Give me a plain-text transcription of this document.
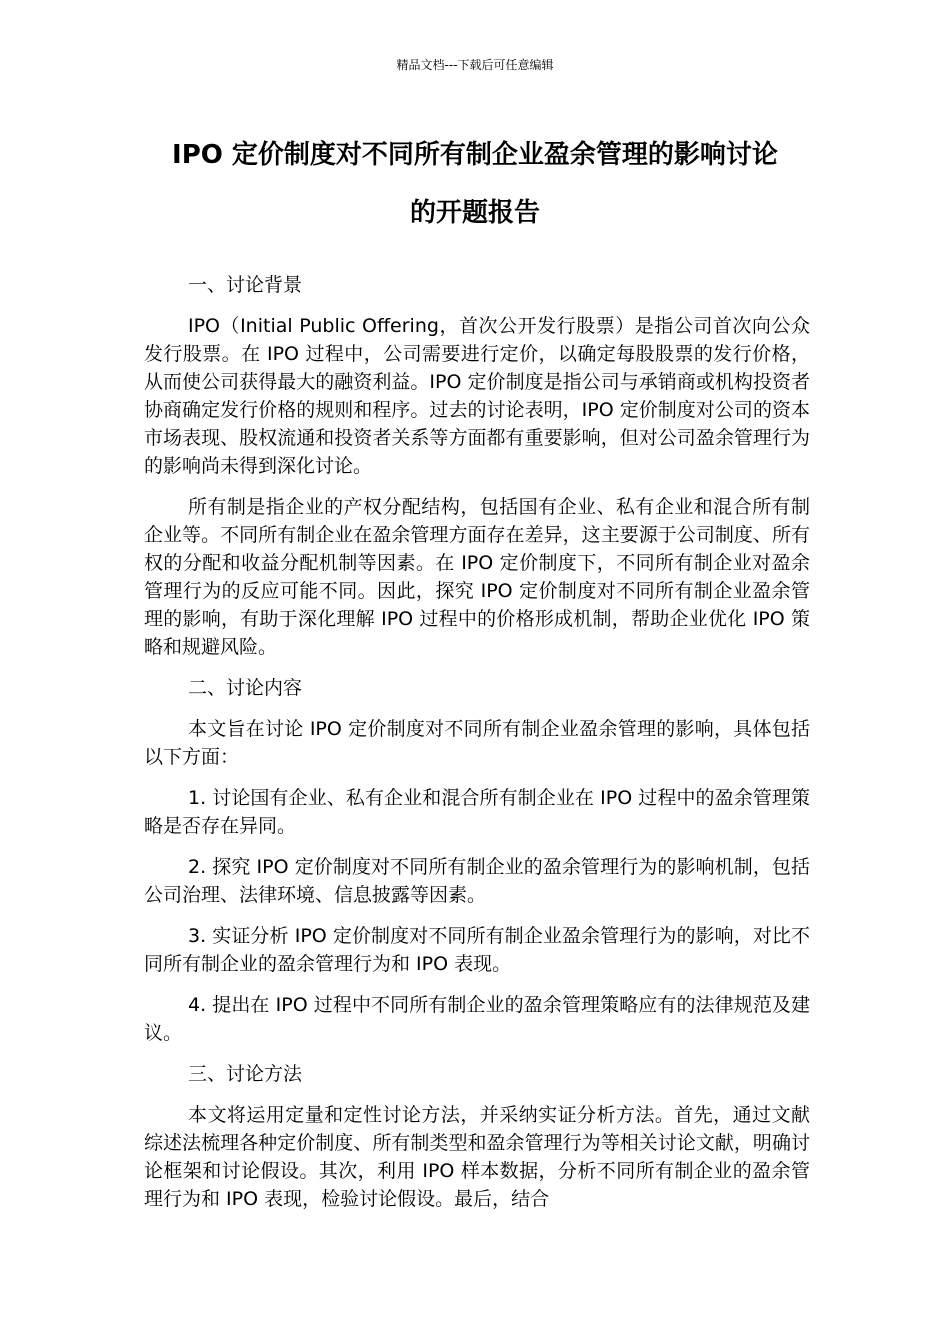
精品文档---下载后可任意编辑
IPO 定价制度对不同所有制企业盈余管理的影响讨论
的开题报告
一、讨论背景

IPO（Initial Public Offering，首次公开发行股票）是指公司首次向公众发行股票。在 IPO 过程中，公司需要进行定价，以确定每股股票的发行价格，从而使公司获得最大的融资利益。IPO 定价制度是指公司与承销商或机构投资者协商确定发行价格的规则和程序。过去的讨论表明，IPO 定价制度对公司的资本市场表现、股权流通和投资者关系等方面都有重要影响，但对公司盈余管理行为的影响尚未得到深化讨论。

所有制是指企业的产权分配结构，包括国有企业、私有企业和混合所有制企业等。不同所有制企业在盈余管理方面存在差异，这主要源于公司制度、所有权的分配和收益分配机制等因素。在 IPO 定价制度下，不同所有制企业对盈余管理行为的反应可能不同。因此，探究 IPO 定价制度对不同所有制企业盈余管理的影响，有助于深化理解 IPO 过程中的价格形成机制，帮助企业优化 IPO 策略和规避风险。

二、讨论内容

本文旨在讨论 IPO 定价制度对不同所有制企业盈余管理的影响，具体包括以下方面：

1. 讨论国有企业、私有企业和混合所有制企业在 IPO 过程中的盈余管理策略是否存在异同。

2. 探究 IPO 定价制度对不同所有制企业的盈余管理行为的影响机制，包括公司治理、法律环境、信息披露等因素。

3. 实证分析 IPO 定价制度对不同所有制企业盈余管理行为的影响，对比不同所有制企业的盈余管理行为和 IPO 表现。

4. 提出在 IPO 过程中不同所有制企业的盈余管理策略应有的法律规范及建议。

三、讨论方法

本文将运用定量和定性讨论方法，并采纳实证分析方法。首先，通过文献综述法梳理各种定价制度、所有制类型和盈余管理行为等相关讨论文献，明确讨论框架和讨论假设。其次，利用 IPO 样本数据，分析不同所有制企业的盈余管理行为和 IPO 表现，检验讨论假设。最后，结合
